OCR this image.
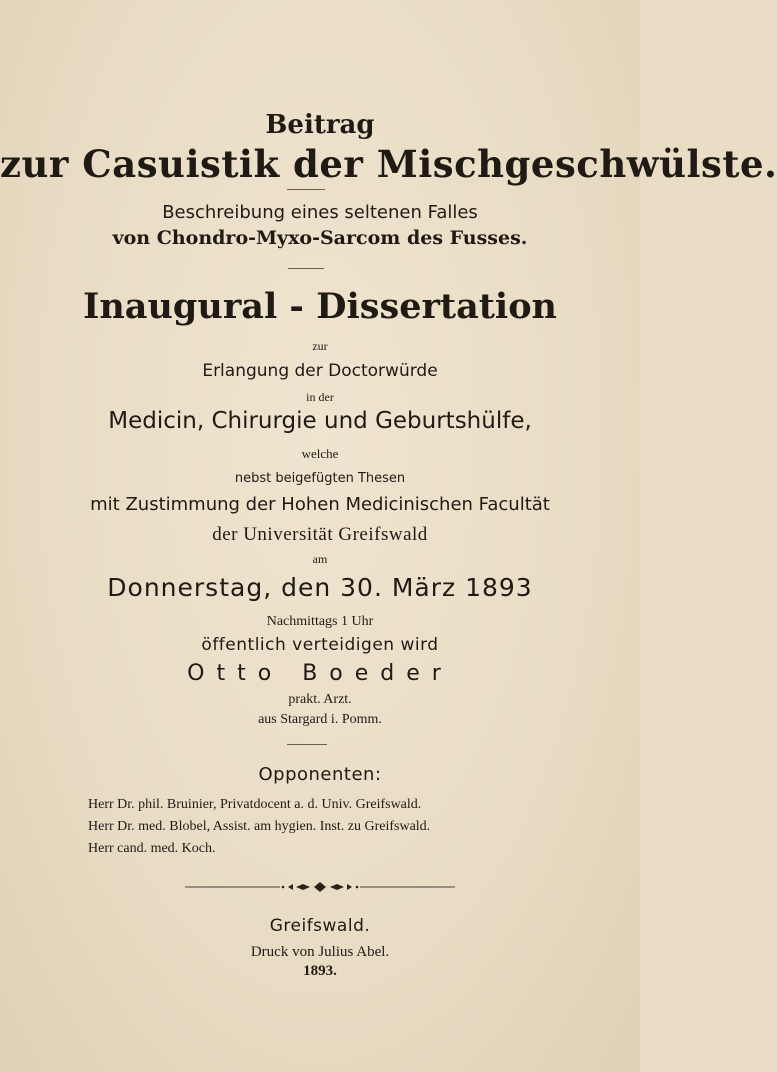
Beitrag
zur Casuistik der Mischgeschwülste.
Beschreibung eines seltenen Falles
von Chondro-Myxo-Sarcom des Fusses.
Inaugural - Dissertation
zur
Erlangung der Doctorwürde
in der
Medicin, Chirurgie und Geburtshülfe,
welche
nebst beigefügten Thesen
mit Zustimmung der Hohen Medicinischen Facultät
der Universität Greifswald
am
Donnerstag, den 30. März 1893
Nachmittags 1 Uhr
öffentlich verteidigen wird
Otto Boeder
prakt. Arzt.
aus Stargard i. Pomm.
Opponenten:
Herr Dr. phil. Bruinier, Privatdocent a. d. Univ. Greifswald.
Herr Dr. med. Blobel, Assist. am hygien. Inst. zu Greifswald.
Herr cand. med. Koch.
Greifswald.
Druck von Julius Abel.
1893.
